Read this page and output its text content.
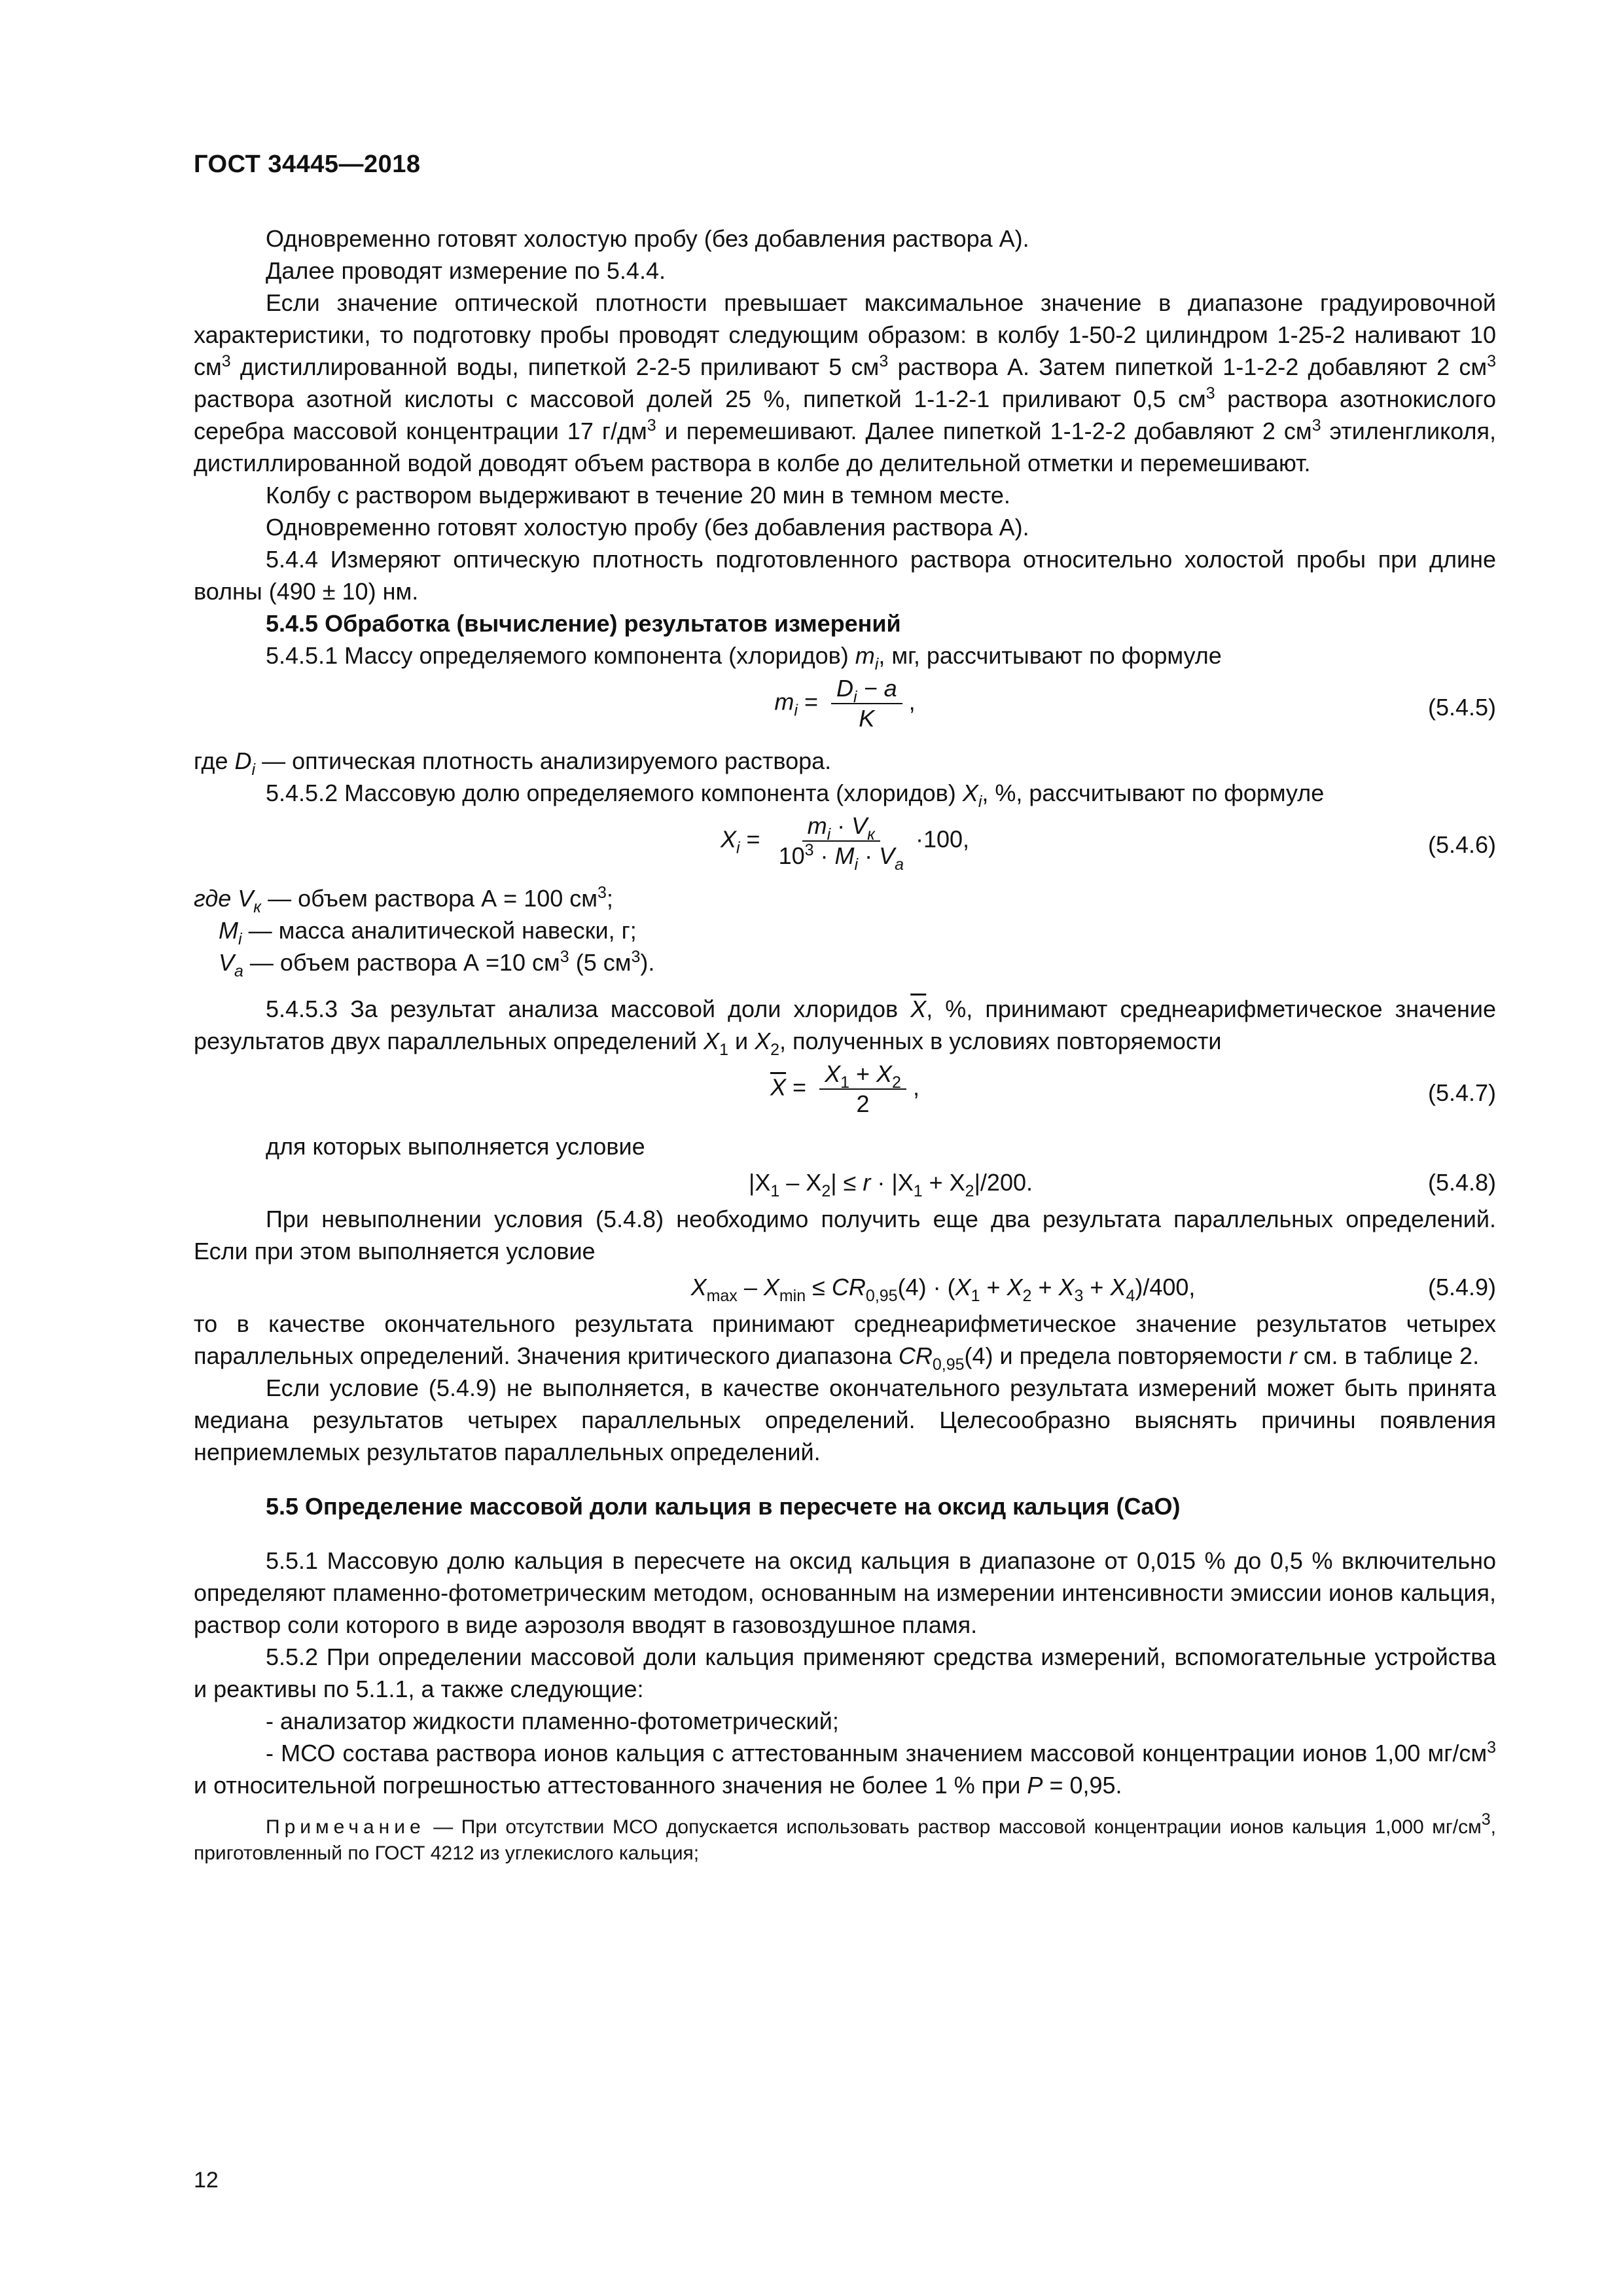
ГОСТ 34445—2018

Одновременно готовят холостую пробу (без добавления раствора А).

Далее проводят измерение по 5.4.4.

Если значение оптической плотности превышает максимальное значение в диапазоне градуировочной характеристики, то подготовку пробы проводят следующим образом: в колбу 1-50-2 цилиндром 1-25-2 наливают 10 $см^3$ дистиллированной воды, пипеткой 2-2-5 приливают 5 $см^3$ раствора А. Затем пипеткой 1-1-2-2 добавляют 2 $см^3$ раствора азотной кислоты с массовой долей 25 %, пипеткой 1-1-2-1 приливают 0,5 $см^3$ раствора азотнокислого серебра массовой концентрации 17 $г/дм^3$ и перемешивают. Далее пипеткой 1-1-2-2 добавляют 2 $см^3$ этиленгликоля, дистиллированной водой доводят объем раствора в колбе до делительной отметки и перемешивают.

Колбу с раствором выдерживают в течение 20 мин в темном месте.

Одновременно готовят холостую пробу (без добавления раствора А).

5.4.4 Измеряют оптическую плотность подготовленного раствора относительно холостой пробы при длине волны (490 ± 10) нм.

5.4.5 Обработка (вычисление) результатов измерений

5.4.5.1 Массу определяемого компонента (хлоридов) $m_i$, мг, рассчитывают по формуле

$m_i = \frac{D_i - a}{K}$ ,	(5.4.5)

где $D_i$ — оптическая плотность анализируемого раствора.

5.4.5.2 Массовую долю определяемого компонента (хлоридов) $X_i$, %, рассчитывают по формуле

$X_i = \frac{m_i \cdot V_к}{10^3 \cdot M_i \cdot V_a} \cdot 100$,	(5.4.6)

где $V_к$ — объем раствора А = 100 $см^3$;

$M_i$ — масса аналитической навески, г;

$V_a$ — объем раствора А =10 $см^3$ (5 $см^3$).

5.4.5.3 За результат анализа массовой доли хлоридов $\overline{X}$, %, принимают среднеарифметическое значение результатов двух параллельных определений $X_1$ и $X_2$, полученных в условиях повторяемости

$\overline{X} = \frac{X_1 + X_2}{2}$ ,	(5.4.7)

для которых выполняется условие

$|X_1 - X_2| \le r \cdot |X_1 + X_2|/200$.	(5.4.8)

При невыполнении условия (5.4.8) необходимо получить еще два результата параллельных определений. Если при этом выполняется условие

$X_{max} - X_{min} \le CR_{0,95}(4) \cdot (X_1 + X_2 + X_3 + X_4)/400$,	(5.4.9)

то в качестве окончательного результата принимают среднеарифметическое значение результатов четырех параллельных определений. Значения критического диапазона $CR_{0,95}(4)$ и предела повторяемости r см. в таблице 2.

Если условие (5.4.9) не выполняется, в качестве окончательного результата измерений может быть принята медиана результатов четырех параллельных определений. Целесообразно выяснять причины появления неприемлемых результатов параллельных определений.

5.5 Определение массовой доли кальция в пересчете на оксид кальция (CaO)

5.5.1 Массовую долю кальция в пересчете на оксид кальция в диапазоне от 0,015 % до 0,5 % включительно определяют пламенно-фотометрическим методом, основанным на измерении интенсивности эмиссии ионов кальция, раствор соли которого в виде аэрозоля вводят в газовоздушное пламя.

5.5.2 При определении массовой доли кальция применяют средства измерений, вспомогательные устройства и реактивы по 5.1.1, а также следующие:

- анализатор жидкости пламенно-фотометрический;

- МСО состава раствора ионов кальция с аттестованным значением массовой концентрации ионов 1,00 $мг/см^3$ и относительной погрешностью аттестованного значения не более 1 % при P = 0,95.

Примечание — При отсутствии МСО допускается использовать раствор массовой концентрации ионов кальция 1,000 $мг/см^3$, приготовленный по ГОСТ 4212 из углекислого кальция;

12
